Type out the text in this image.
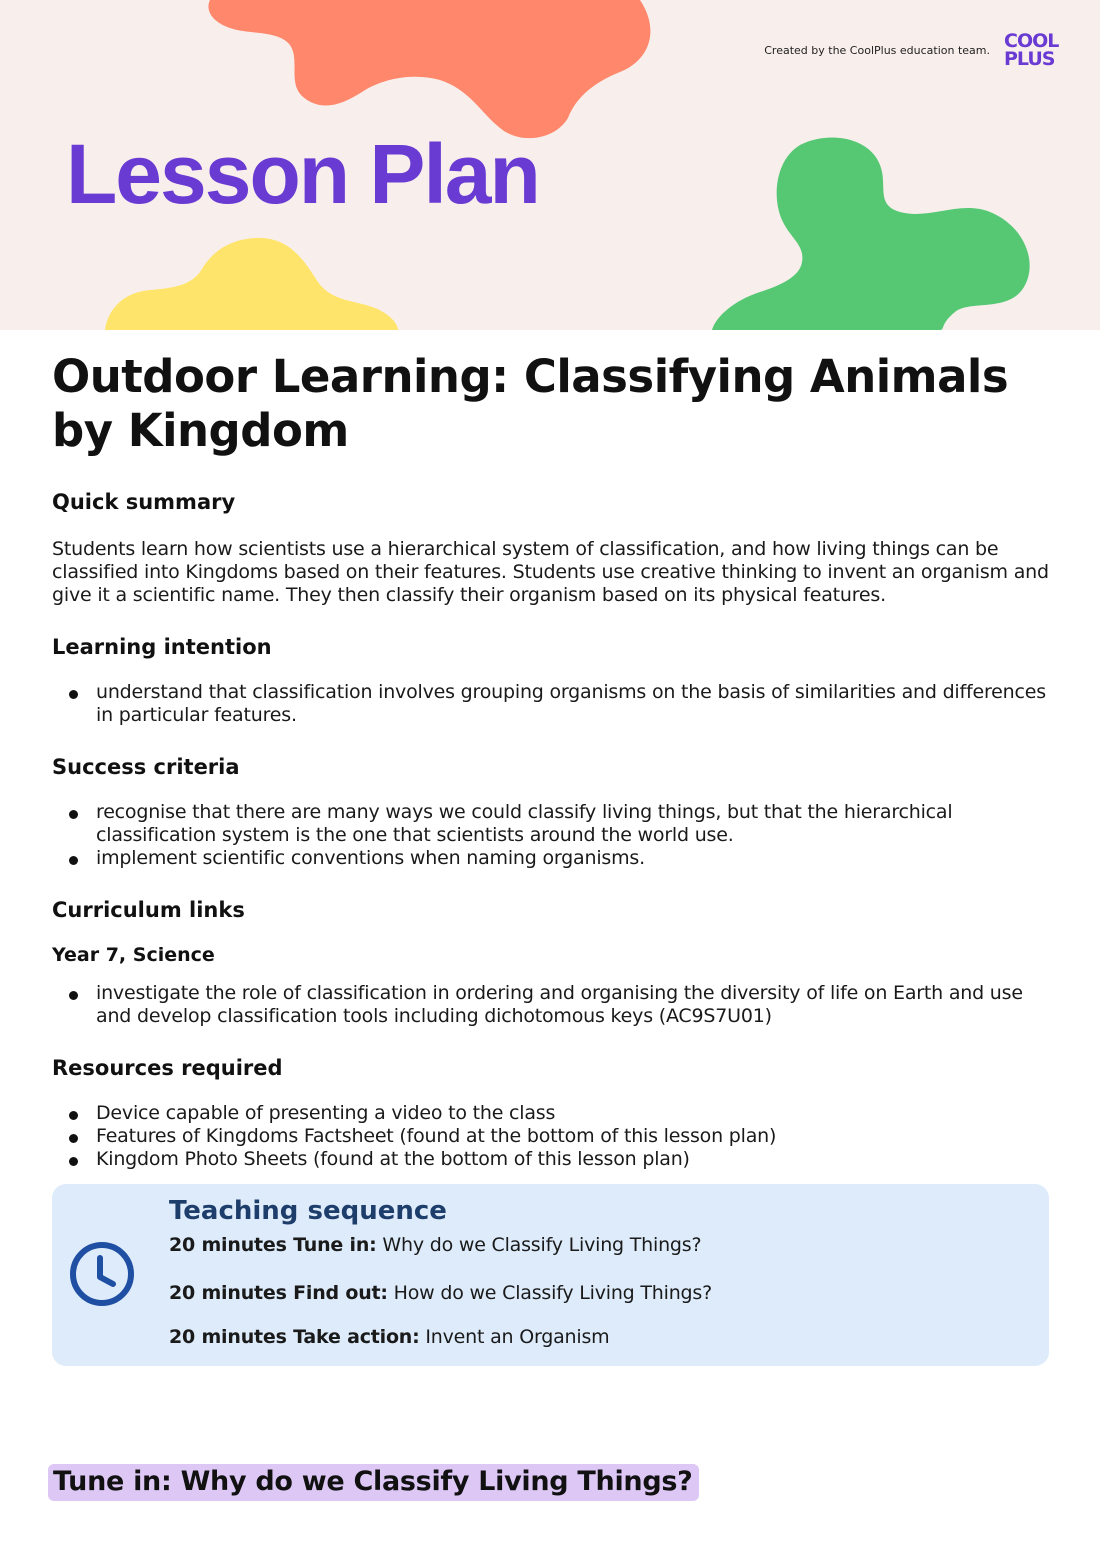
Created by the CoolPlus education team. COOL
PLUS
Lesson Plan
Outdoor Learning: Classifying Animals by Kingdom
Quick summary

Students learn how scientists use a hierarchical system of classification, and how living things can be classified into Kingdoms based on their features. Students use creative thinking to invent an organism and give it a scientific name. They then classify their organism based on its physical features.

Learning intention
understand that classification involves grouping organisms on the basis of similarities and differences in particular features.
Success criteria
recognise that there are many ways we could classify living things, but that the hierarchical classification system is the one that scientists around the world use.
implement scientific conventions when naming organisms.
Curriculum links
Year 7, Science
investigate the role of classification in ordering and organising the diversity of life on Earth and use and develop classification tools including dichotomous keys (AC9S7U01)
Resources required
Device capable of presenting a video to the class
Features of Kingdoms Factsheet (found at the bottom of this lesson plan)
Kingdom Photo Sheets (found at the bottom of this lesson plan)
Teaching sequence
20 minutes Tune in: Why do we Classify Living Things?
20 minutes Find out: How do we Classify Living Things?
20 minutes Take action: Invent an Organism
Tune in: Why do we Classify Living Things?
